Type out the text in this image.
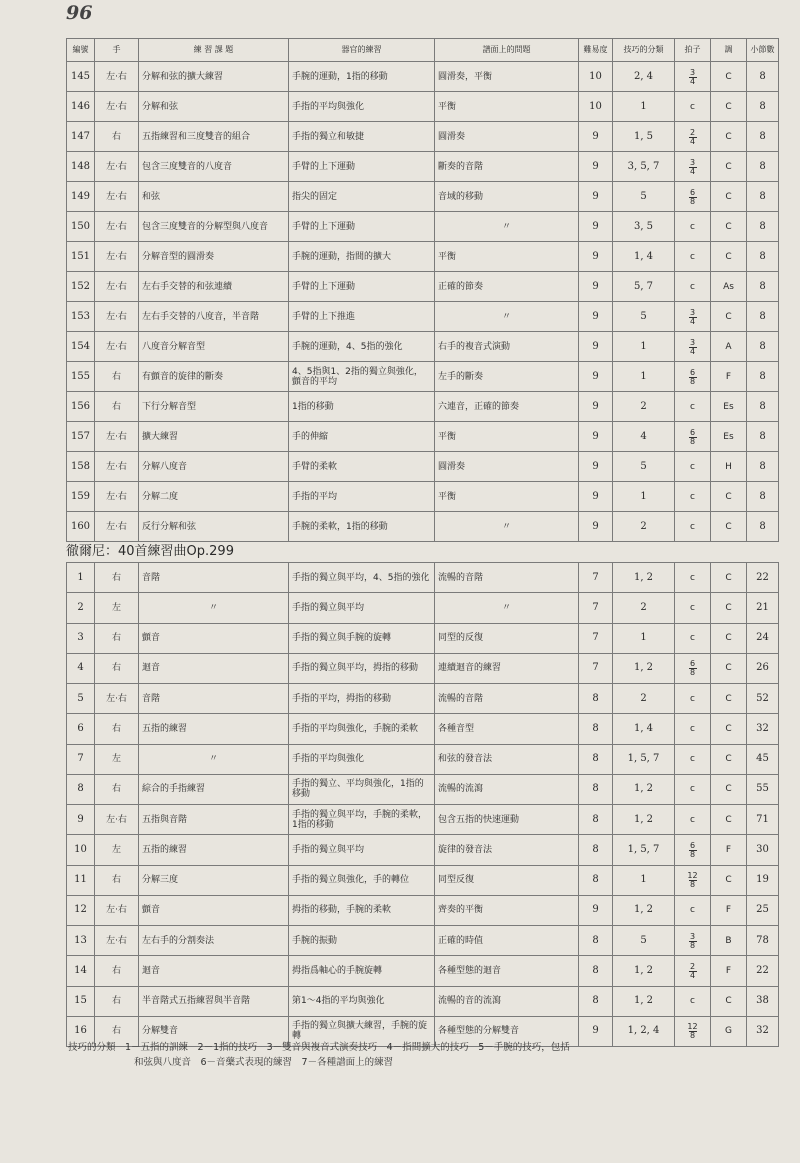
96
編號	手	練 習 課 題	器官的練習	譜面上的問題	難易度	技巧的分類	拍子	調	小節數
145	左·右	分解和弦的擴大練習	手腕的運動，1指的移動	圓滑奏，平衡	10	2, 4	$\frac{3}{4}$	C	8
146	左·右	分解和弦	手指的平均與強化	平衡	10	1	c	C	8
147	右	五指練習和三度雙音的組合	手指的獨立和敏捷	圓滑奏	9	1, 5	$\frac{2}{4}$	C	8
148	左·右	包含三度雙音的八度音	手臂的上下運動	斷奏的音階	9	3, 5, 7	$\frac{3}{4}$	C	8
149	左·右	和弦	指尖的固定	音域的移動	9	5	$\frac{6}{8}$	C	8
150	左·右	包含三度雙音的分解型與八度音	手臂的上下運動	〃	9	3, 5	c	C	8
151	左·右	分解音型的圓滑奏	手腕的運動，指間的擴大	平衡	9	1, 4	c	C	8
152	左·右	左右手交替的和弦連續	手臂的上下運動	正確的節奏	9	5, 7	c	As	8
153	左·右	左右手交替的八度音，半音階	手臂的上下推進	〃	9	5	$\frac{3}{4}$	C	8
154	左·右	八度音分解音型	手腕的運動，4、5指的強化	右手的複音式演動	9	1	$\frac{3}{4}$	A	8
155	右	有顫音的旋律的斷奏	4、5指與1、2指的獨立與強化，顫音的平均	左手的斷奏	9	1	$\frac{6}{8}$	F	8
156	右	下行分解音型	1指的移動	六連音，正確的節奏	9	2	c	Es	8
157	左·右	擴大練習	手的伸縮	平衡	9	4	$\frac{6}{8}$	Es	8
158	左·右	分解八度音	手臂的柔軟	圓滑奏	9	5	c	H	8
159	左·右	分解二度	手指的平均	平衡	9	1	c	C	8
160	左·右	反行分解和弦	手腕的柔軟，1指的移動	〃	9	2	c	C	8
徹爾尼：40首練習曲Op.299
1	右	音階	手指的獨立與平均，4、5指的強化	流暢的音階	7	1, 2	c	C	22
2	左	〃	手指的獨立與平均	〃	7	2	c	C	21
3	右	顫音	手指的獨立與手腕的旋轉	同型的反復	7	1	c	C	24
4	右	迴音	手指的獨立與平均，拇指的移動	連續迴音的練習	7	1, 2	$\frac{6}{8}$	C	26
5	左·右	音階	手指的平均，拇指的移動	流暢的音階	8	2	c	C	52
6	右	五指的練習	手指的平均與強化，手腕的柔軟	各種音型	8	1, 4	c	C	32
7	左	〃	手指的平均與強化	和弦的發音法	8	1, 5, 7	c	C	45
8	右	綜合的手指練習	手指的獨立、平均與強化，1指的移動	流暢的流瀉	8	1, 2	c	C	55
9	左·右	五指與音階	手指的獨立與平均，手腕的柔軟，1指的移動	包含五指的快速運動	8	1, 2	c	C	71
10	左	五指的練習	手指的獨立與平均	旋律的發音法	8	1, 5, 7	$\frac{6}{8}$	F	30
11	右	分解三度	手指的獨立與強化，手的轉位	同型反復	8	1	$\frac{12}{8}$	C	19
12	左·右	顫音	拇指的移動，手腕的柔軟	齊奏的平衡	9	1, 2	c	F	25
13	左·右	左右手的分割奏法	手腕的振動	正確的時值	8	5	$\frac{3}{8}$	B	78
14	右	迴音	拇指爲軸心的手腕旋轉	各種型態的迴音	8	1, 2	$\frac{2}{4}$	F	22
15	右	半音階式五指練習與半音階	第1～4指的平均與強化	流暢的音的流瀉	8	1, 2	c	C	38
16	右	分解雙音	手指的獨立與擴大練習，手腕的旋轉	各種型態的分解雙音	9	1, 2, 4	$\frac{12}{8}$	G	32
技巧的分類　1－五指的訓練　2－1指的技巧　3－雙音與複音式演奏技巧　4－指間擴大的技巧　5－手腕的技巧，包括
和弦與八度音　6－音藥式表現的練習　7－各種譜面上的練習
